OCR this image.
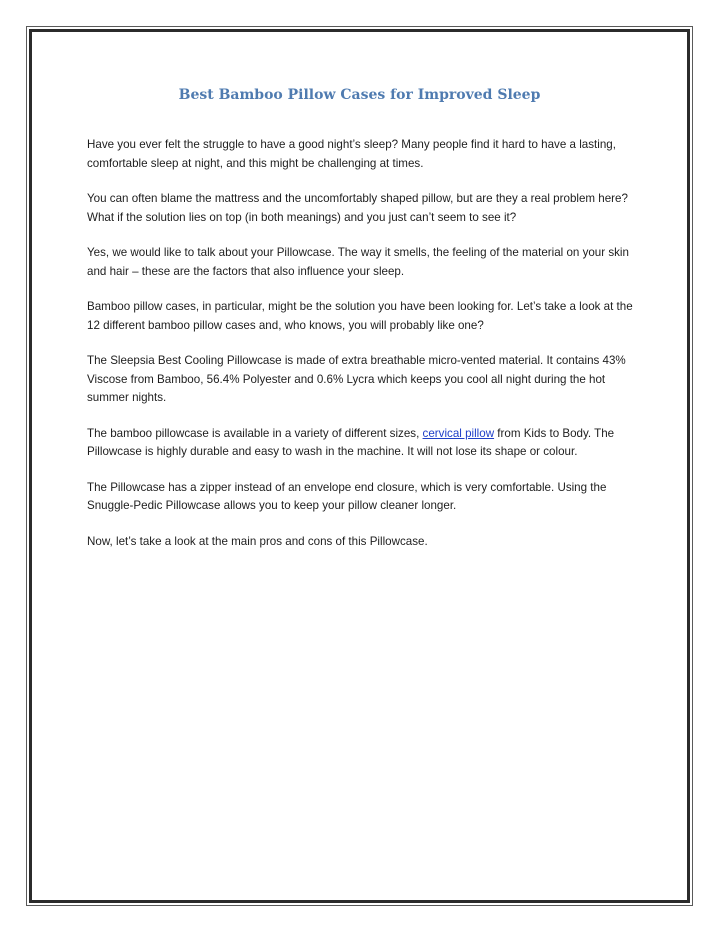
Best Bamboo Pillow Cases for Improved Sleep

Have you ever felt the struggle to have a good night’s sleep? Many people find it hard to have a lasting, comfortable sleep at night, and this might be challenging at times.

You can often blame the mattress and the uncomfortably shaped pillow, but are they a real problem here? What if the solution lies on top (in both meanings) and you just can’t seem to see it?

Yes, we would like to talk about your Pillowcase. The way it smells, the feeling of the material on your skin and hair – these are the factors that also influence your sleep.

Bamboo pillow cases, in particular, might be the solution you have been looking for. Let’s take a look at the 12 different bamboo pillow cases and, who knows, you will probably like one?

The Sleepsia Best Cooling Pillowcase is made of extra breathable micro-vented material. It contains 43% Viscose from Bamboo, 56.4% Polyester and 0.6% Lycra which keeps you cool all night during the hot summer nights.

The bamboo pillowcase is available in a variety of different sizes, cervical pillow from Kids to Body. The Pillowcase is highly durable and easy to wash in the machine. It will not lose its shape or colour.

The Pillowcase has a zipper instead of an envelope end closure, which is very comfortable. Using the Snuggle-Pedic Pillowcase allows you to keep your pillow cleaner longer.

Now, let’s take a look at the main pros and cons of this Pillowcase.
